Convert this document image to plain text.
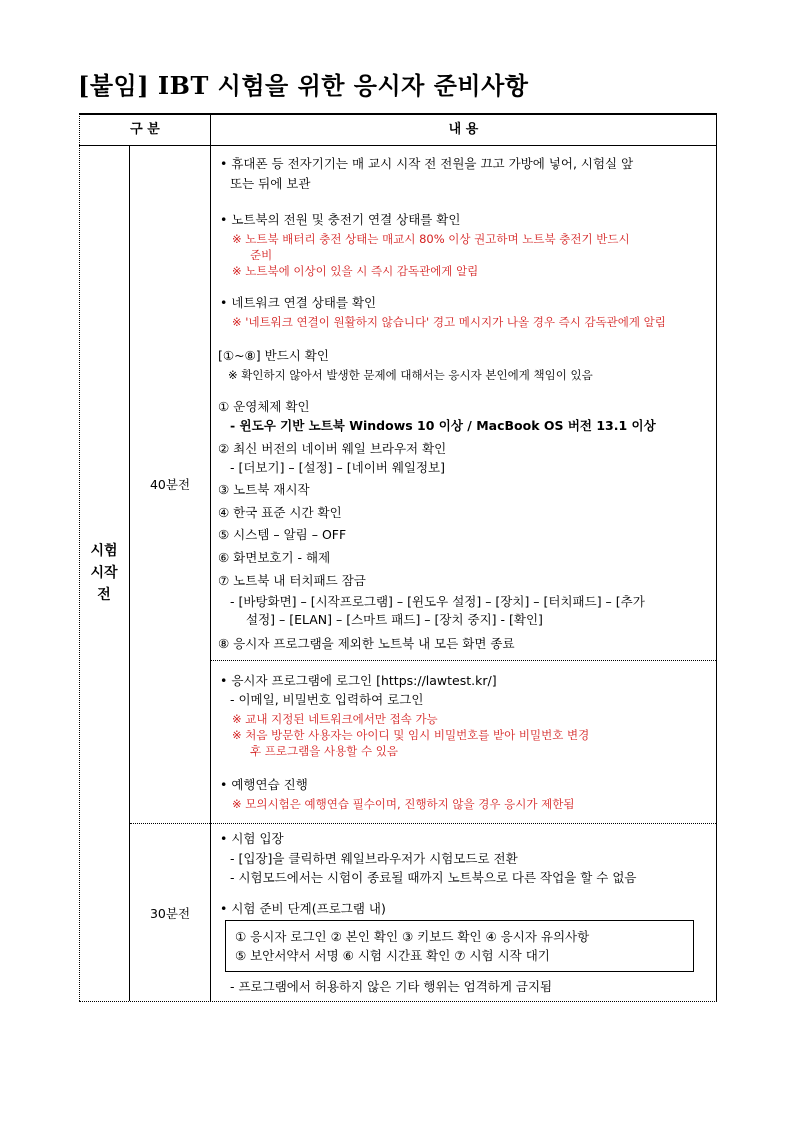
[붙임] IBT 시험을 위한 응시자 준비사항
구 분	내 용
시험
시작
전
40분전
30분전
• 휴대폰 등 전자기기는 매 교시 시작 전 전원을 끄고 가방에 넣어, 시험실 앞
또는 뒤에 보관
• 노트북의 전원 및 충전기 연결 상태를 확인
※ 노트북 배터리 충전 상태는 매교시 80% 이상 권고하며 노트북 충전기 반드시
준비
※ 노트북에 이상이 있을 시 즉시 감독관에게 알림
• 네트워크 연결 상태를 확인
※ '네트워크 연결이 원활하지 않습니다' 경고 메시지가 나올 경우 즉시 감독관에게 알림
[①~⑧] 반드시 확인
※ 확인하지 않아서 발생한 문제에 대해서는 응시자 본인에게 책임이 있음
① 운영체제 확인
- 윈도우 기반 노트북 Windows 10 이상 / MacBook OS 버전 13.1 이상
② 최신 버전의 네이버 웨일 브라우저 확인
- [더보기] – [설정] – [네이버 웨일정보]
③ 노트북 재시작
④ 한국 표준 시간 확인
⑤ 시스템 – 알림 – OFF
⑥ 화면보호기 - 해제
⑦ 노트북 내 터치패드 잠금
- [바탕화면] – [시작프로그램] – [윈도우 설정] – [장치] – [터치패드] – [추가
설정] – [ELAN] – [스마트 패드] – [장치 중지] - [확인]
⑧ 응시자 프로그램을 제외한 노트북 내 모든 화면 종료
• 응시자 프로그램에 로그인 [https://lawtest.kr/]
- 이메일, 비밀번호 입력하여 로그인
※ 교내 지정된 네트워크에서만 접속 가능
※ 처음 방문한 사용자는 아이디 및 임시 비밀번호를 받아 비밀번호 변경
후 프로그램을 사용할 수 있음
• 예행연습 진행
※ 모의시험은 예행연습 필수이며, 진행하지 않을 경우 응시가 제한됨
• 시험 입장
- [입장]을 클릭하면 웨일브라우저가 시험모드로 전환
- 시험모드에서는 시험이 종료될 때까지 노트북으로 다른 작업을 할 수 없음
• 시험 준비 단계(프로그램 내)
① 응시자 로그인 ② 본인 확인 ③ 키보드 확인 ④ 응시자 유의사항
⑤ 보안서약서 서명 ⑥ 시험 시간표 확인 ⑦ 시험 시작 대기
- 프로그램에서 허용하지 않은 기타 행위는 엄격하게 금지됨
